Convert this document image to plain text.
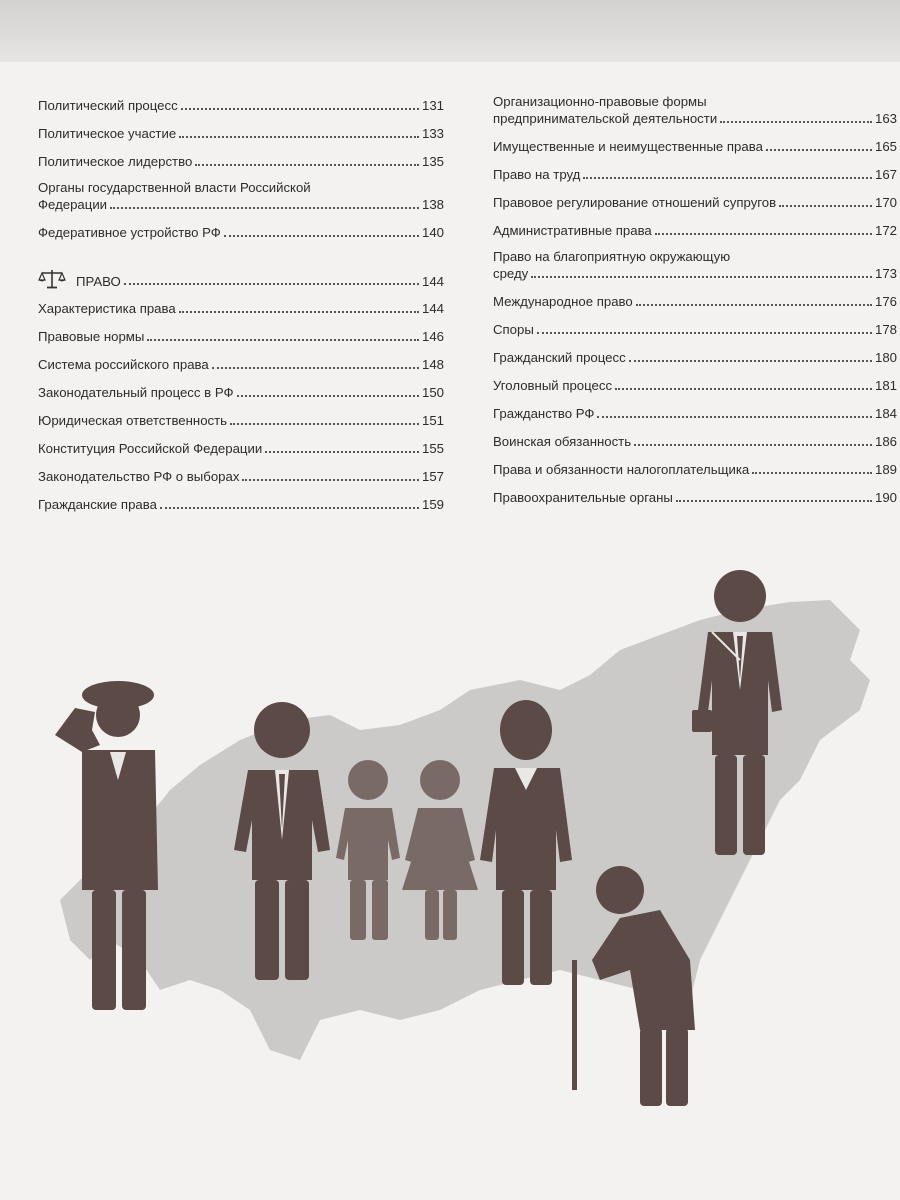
Политический процесс	131
Политическое участие	133
Политическое лидерство	135
Органы государственной власти Российской
Федерации	138
Федеративное устройство РФ	140
ПРАВО	144
Характеристика права	144
Правовые нормы	146
Система российского права	148
Законодательный процесс в РФ	150
Юридическая ответственность	151
Конституция Российской Федерации	155
Законодательство РФ о выборах	157
Гражданские права	159
Организационно-правовые формы
предпринимательской деятельности	163
Имущественные и неимущественные права	165
Право на труд	167
Правовое регулирование отношений супругов	170
Административные права	172
Право на благоприятную окружающую
среду	173
Международное право	176
Споры	178
Гражданский процесс	180
Уголовный процесс	181
Гражданство РФ	184
Воинская обязанность	186
Права и обязанности налогоплательщика	189
Правоохранительные органы	190
